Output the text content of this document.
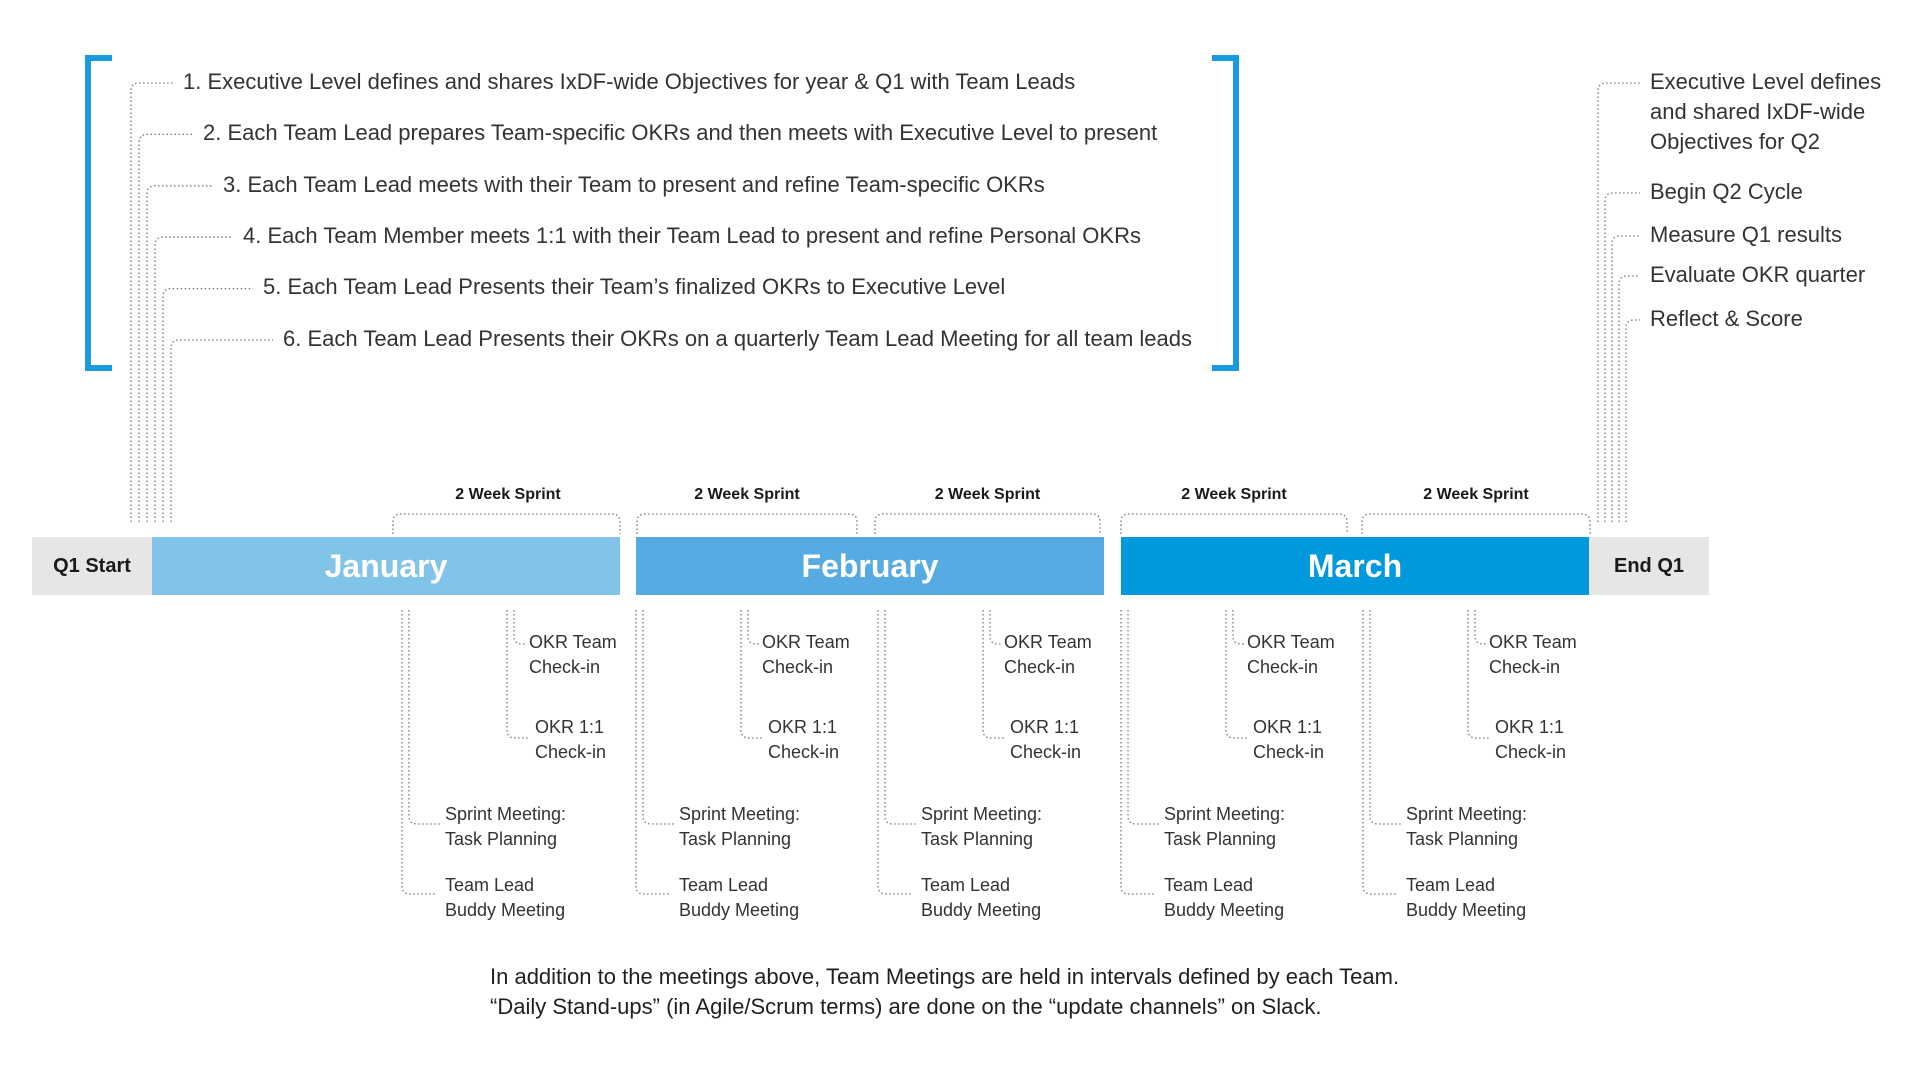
1. Executive Level defines and shares IxDF-wide Objectives for year & Q1 with Team Leads
2. Each Team Lead prepares Team-specific OKRs and then meets with Executive Level to present
3. Each Team Lead meets with their Team to present and refine Team-specific OKRs
4. Each Team Member meets 1:1 with their Team Lead to present and refine Personal OKRs
5. Each Team Lead Presents their Team’s finalized OKRs to Executive Level
6. Each Team Lead Presents their OKRs on a quarterly Team Lead Meeting for all team leads
Executive Level defines
and shared IxDF-wide
Objectives for Q2
Begin Q2 Cycle
Measure Q1 results
Evaluate OKR quarter
Reflect & Score
Q1 Start	January	February	March	End Q1
2 Week Sprint	2 Week Sprint	2 Week Sprint	2 Week Sprint	2 Week Sprint
OKR Team
Check-in
OKR 1:1
Check-in
Sprint Meeting:
Task Planning
Team Lead
Buddy Meeting
OKR Team
Check-in
OKR 1:1
Check-in
Sprint Meeting:
Task Planning
Team Lead
Buddy Meeting
OKR Team
Check-in
OKR 1:1
Check-in
Sprint Meeting:
Task Planning
Team Lead
Buddy Meeting
OKR Team
Check-in
OKR 1:1
Check-in
Sprint Meeting:
Task Planning
Team Lead
Buddy Meeting
OKR Team
Check-in
OKR 1:1
Check-in
Sprint Meeting:
Task Planning
Team Lead
Buddy Meeting
In addition to the meetings above, Team Meetings are held in intervals defined by each Team.
“Daily Stand-ups” (in Agile/Scrum terms) are done on the “update channels” on Slack.
